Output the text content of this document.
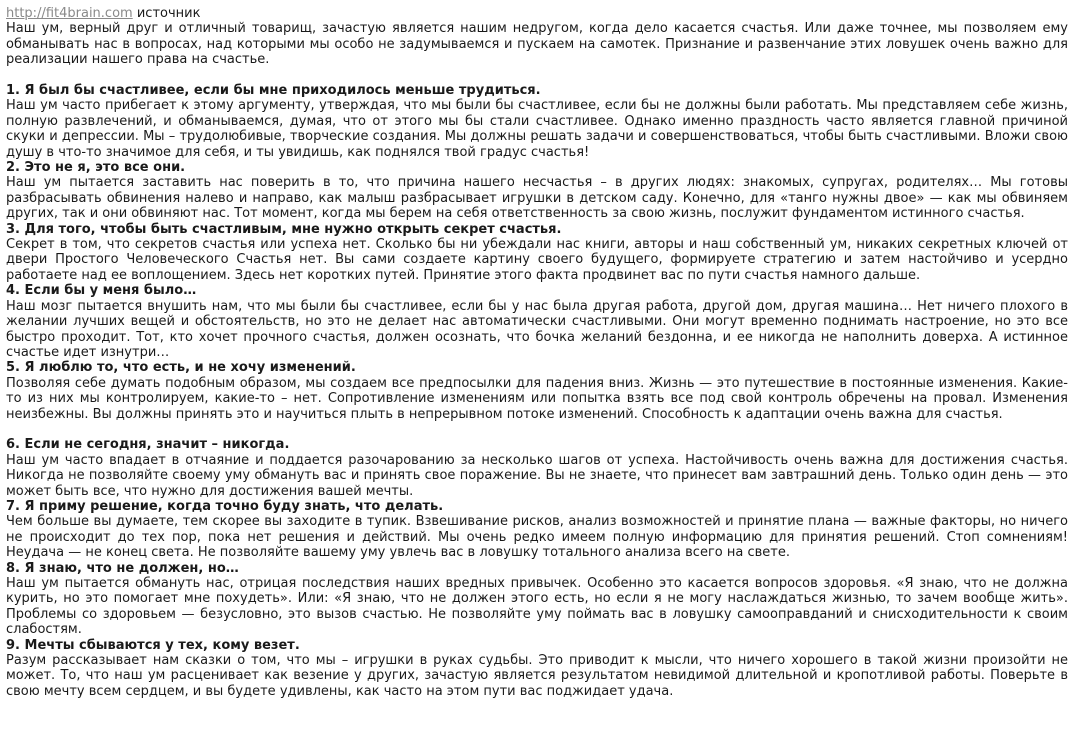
http://fit4brain.com источник

Наш ум, верный друг и отличный товарищ, зачастую является нашим недругом, когда дело касается счастья. Или даже точнее, мы позволяем ему обманывать нас в вопросах, над которыми мы особо не задумываемся и пускаем на самотек. Признание и развенчание этих ловушек очень важно для реализации нашего права на счастье.

1. Я был бы счастливее, если бы мне приходилось меньше трудиться.

Наш ум часто прибегает к этому аргументу, утверждая, что мы были бы счастливее, если бы не должны были работать. Мы представляем себе жизнь, полную развлечений, и обманываемся, думая, что от этого мы бы стали счастливее. Однако именно праздность часто является главной причиной скуки и депрессии. Мы – трудолюбивые, творческие создания. Мы должны решать задачи и совершенствоваться, чтобы быть счастливыми. Вложи свою душу в что-то значимое для себя, и ты увидишь, как поднялся твой градус счастья!

2. Это не я, это все они.

Наш ум пытается заставить нас поверить в то, что причина нашего несчастья – в других людях: знакомых, супругах, родителях… Мы готовы разбрасывать обвинения налево и направо, как малыш разбрасывает игрушки в детском саду. Конечно, для «танго нужны двое» — как мы обвиняем других, так и они обвиняют нас. Тот момент, когда мы берем на себя ответственность за свою жизнь, послужит фундаментом истинного счастья.

3. Для того, чтобы быть счастливым, мне нужно открыть секрет счастья.

Секрет в том, что секретов счастья или успеха нет. Сколько бы ни убеждали нас книги, авторы и наш собственный ум, никаких секретных ключей от двери Простого Человеческого Счастья нет. Вы сами создаете картину своего будущего, формируете стратегию и затем настойчиво и усердно работаете над ее воплощением. Здесь нет коротких путей. Принятие этого факта продвинет вас по пути счастья намного дальше.

4. Если бы у меня было…

Наш мозг пытается внушить нам, что мы были бы счастливее, если бы у нас была другая работа, другой дом, другая машина… Нет ничего плохого в желании лучших вещей и обстоятельств, но это не делает нас автоматически счастливыми. Они могут временно поднимать настроение, но это все быстро проходит. Тот, кто хочет прочного счастья, должен осознать, что бочка желаний бездонна, и ее никогда не наполнить доверха. А истинное счастье идет изнутри…

5. Я люблю то, что есть, и не хочу изменений.

Позволяя себе думать подобным образом, мы создаем все предпосылки для падения вниз. Жизнь — это путешествие в постоянные изменения. Какие-то из них мы контролируем, какие-то – нет. Сопротивление изменениям или попытка взять все под свой контроль обречены на провал. Изменения неизбежны. Вы должны принять это и научиться плыть в непрерывном потоке изменений. Способность к адаптации очень важна для счастья.

6. Если не сегодня, значит – никогда.

Наш ум часто впадает в отчаяние и поддается разочарованию за несколько шагов от успеха. Настойчивость очень важна для достижения счастья. Никогда не позволяйте своему уму обмануть вас и принять свое поражение. Вы не знаете, что принесет вам завтрашний день. Только один день — это может быть все, что нужно для достижения вашей мечты.

7. Я приму решение, когда точно буду знать, что делать.

Чем больше вы думаете, тем скорее вы заходите в тупик. Взвешивание рисков, анализ возможностей и принятие плана — важные факторы, но ничего не происходит до тех пор, пока нет решения и действий. Мы очень редко имеем полную информацию для принятия решений. Стоп сомнениям! Неудача — не конец света. Не позволяйте вашему уму увлечь вас в ловушку тотального анализа всего на свете.

8. Я знаю, что не должен, но…

Наш ум пытается обмануть нас, отрицая последствия наших вредных привычек. Особенно это касается вопросов здоровья. «Я знаю, что не должна курить, но это помогает мне похудеть». Или: «Я знаю, что не должен этого есть, но если я не могу наслаждаться жизнью, то зачем вообще жить». Проблемы со здоровьем — безусловно, это вызов счастью. Не позволяйте уму поймать вас в ловушку самооправданий и снисходительности к своим слабостям.

9. Мечты сбываются у тех, кому везет.

Разум рассказывает нам сказки о том, что мы – игрушки в руках судьбы. Это приводит к мысли, что ничего хорошего в такой жизни произойти не может. То, что наш ум расценивает как везение у других, зачастую является результатом невидимой длительной и кропотливой работы. Поверьте в свою мечту всем сердцем, и вы будете удивлены, как часто на этом пути вас поджидает удача.
